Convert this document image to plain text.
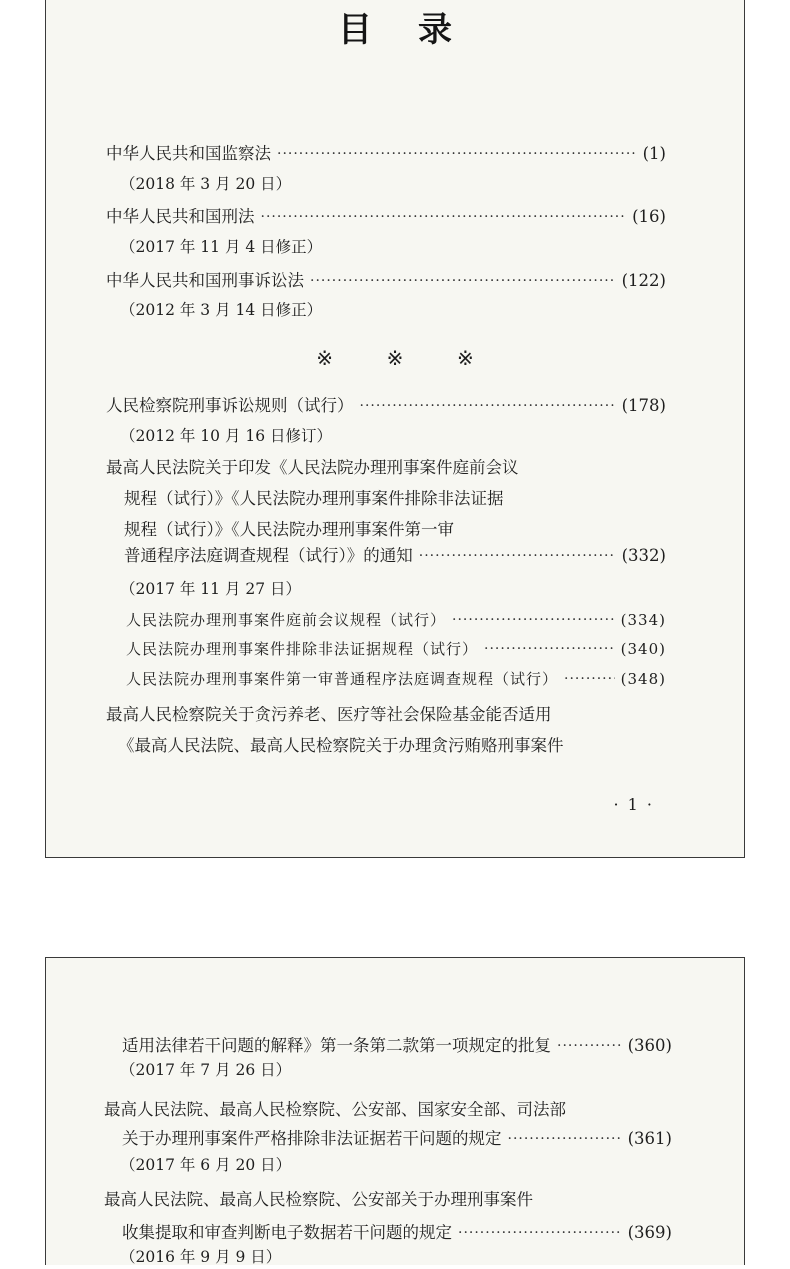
目录
中华人民共和国监察法 ·····	(1)
（2018 年 3 月 20 日）
中华人民共和国刑法 ·····	(16)
（2017 年 11 月 4 日修正）
中华人民共和国刑事诉讼法 ·····	(122)
（2012 年 3 月 14 日修正）
※	※	※
人民检察院刑事诉讼规则（试行） ·····	(178)
（2012 年 10 月 16 日修订）
最高人民法院关于印发《人民法院办理刑事案件庭前会议
规程（试行）》《人民法院办理刑事案件排除非法证据
规程（试行）》《人民法院办理刑事案件第一审
普通程序法庭调查规程（试行）》的通知 ·····	(332)
（2017 年 11 月 27 日）
人民法院办理刑事案件庭前会议规程（试行） ·····	(334)
人民法院办理刑事案件排除非法证据规程（试行） ·····	(340)
人民法院办理刑事案件第一审普通程序法庭调查规程（试行） ·····	(348)
最高人民检察院关于贪污养老、医疗等社会保险基金能否适用
《最高人民法院、最高人民检察院关于办理贪污贿赂刑事案件
· 1 ·
适用法律若干问题的解释》第一条第二款第一项规定的批复 ·····	(360)
（2017 年 7 月 26 日）
最高人民法院、最高人民检察院、公安部、国家安全部、司法部
关于办理刑事案件严格排除非法证据若干问题的规定 ·····	(361)
（2017 年 6 月 20 日）
最高人民法院、最高人民检察院、公安部关于办理刑事案件
收集提取和审查判断电子数据若干问题的规定 ·····	(369)
（2016 年 9 月 9 日）
